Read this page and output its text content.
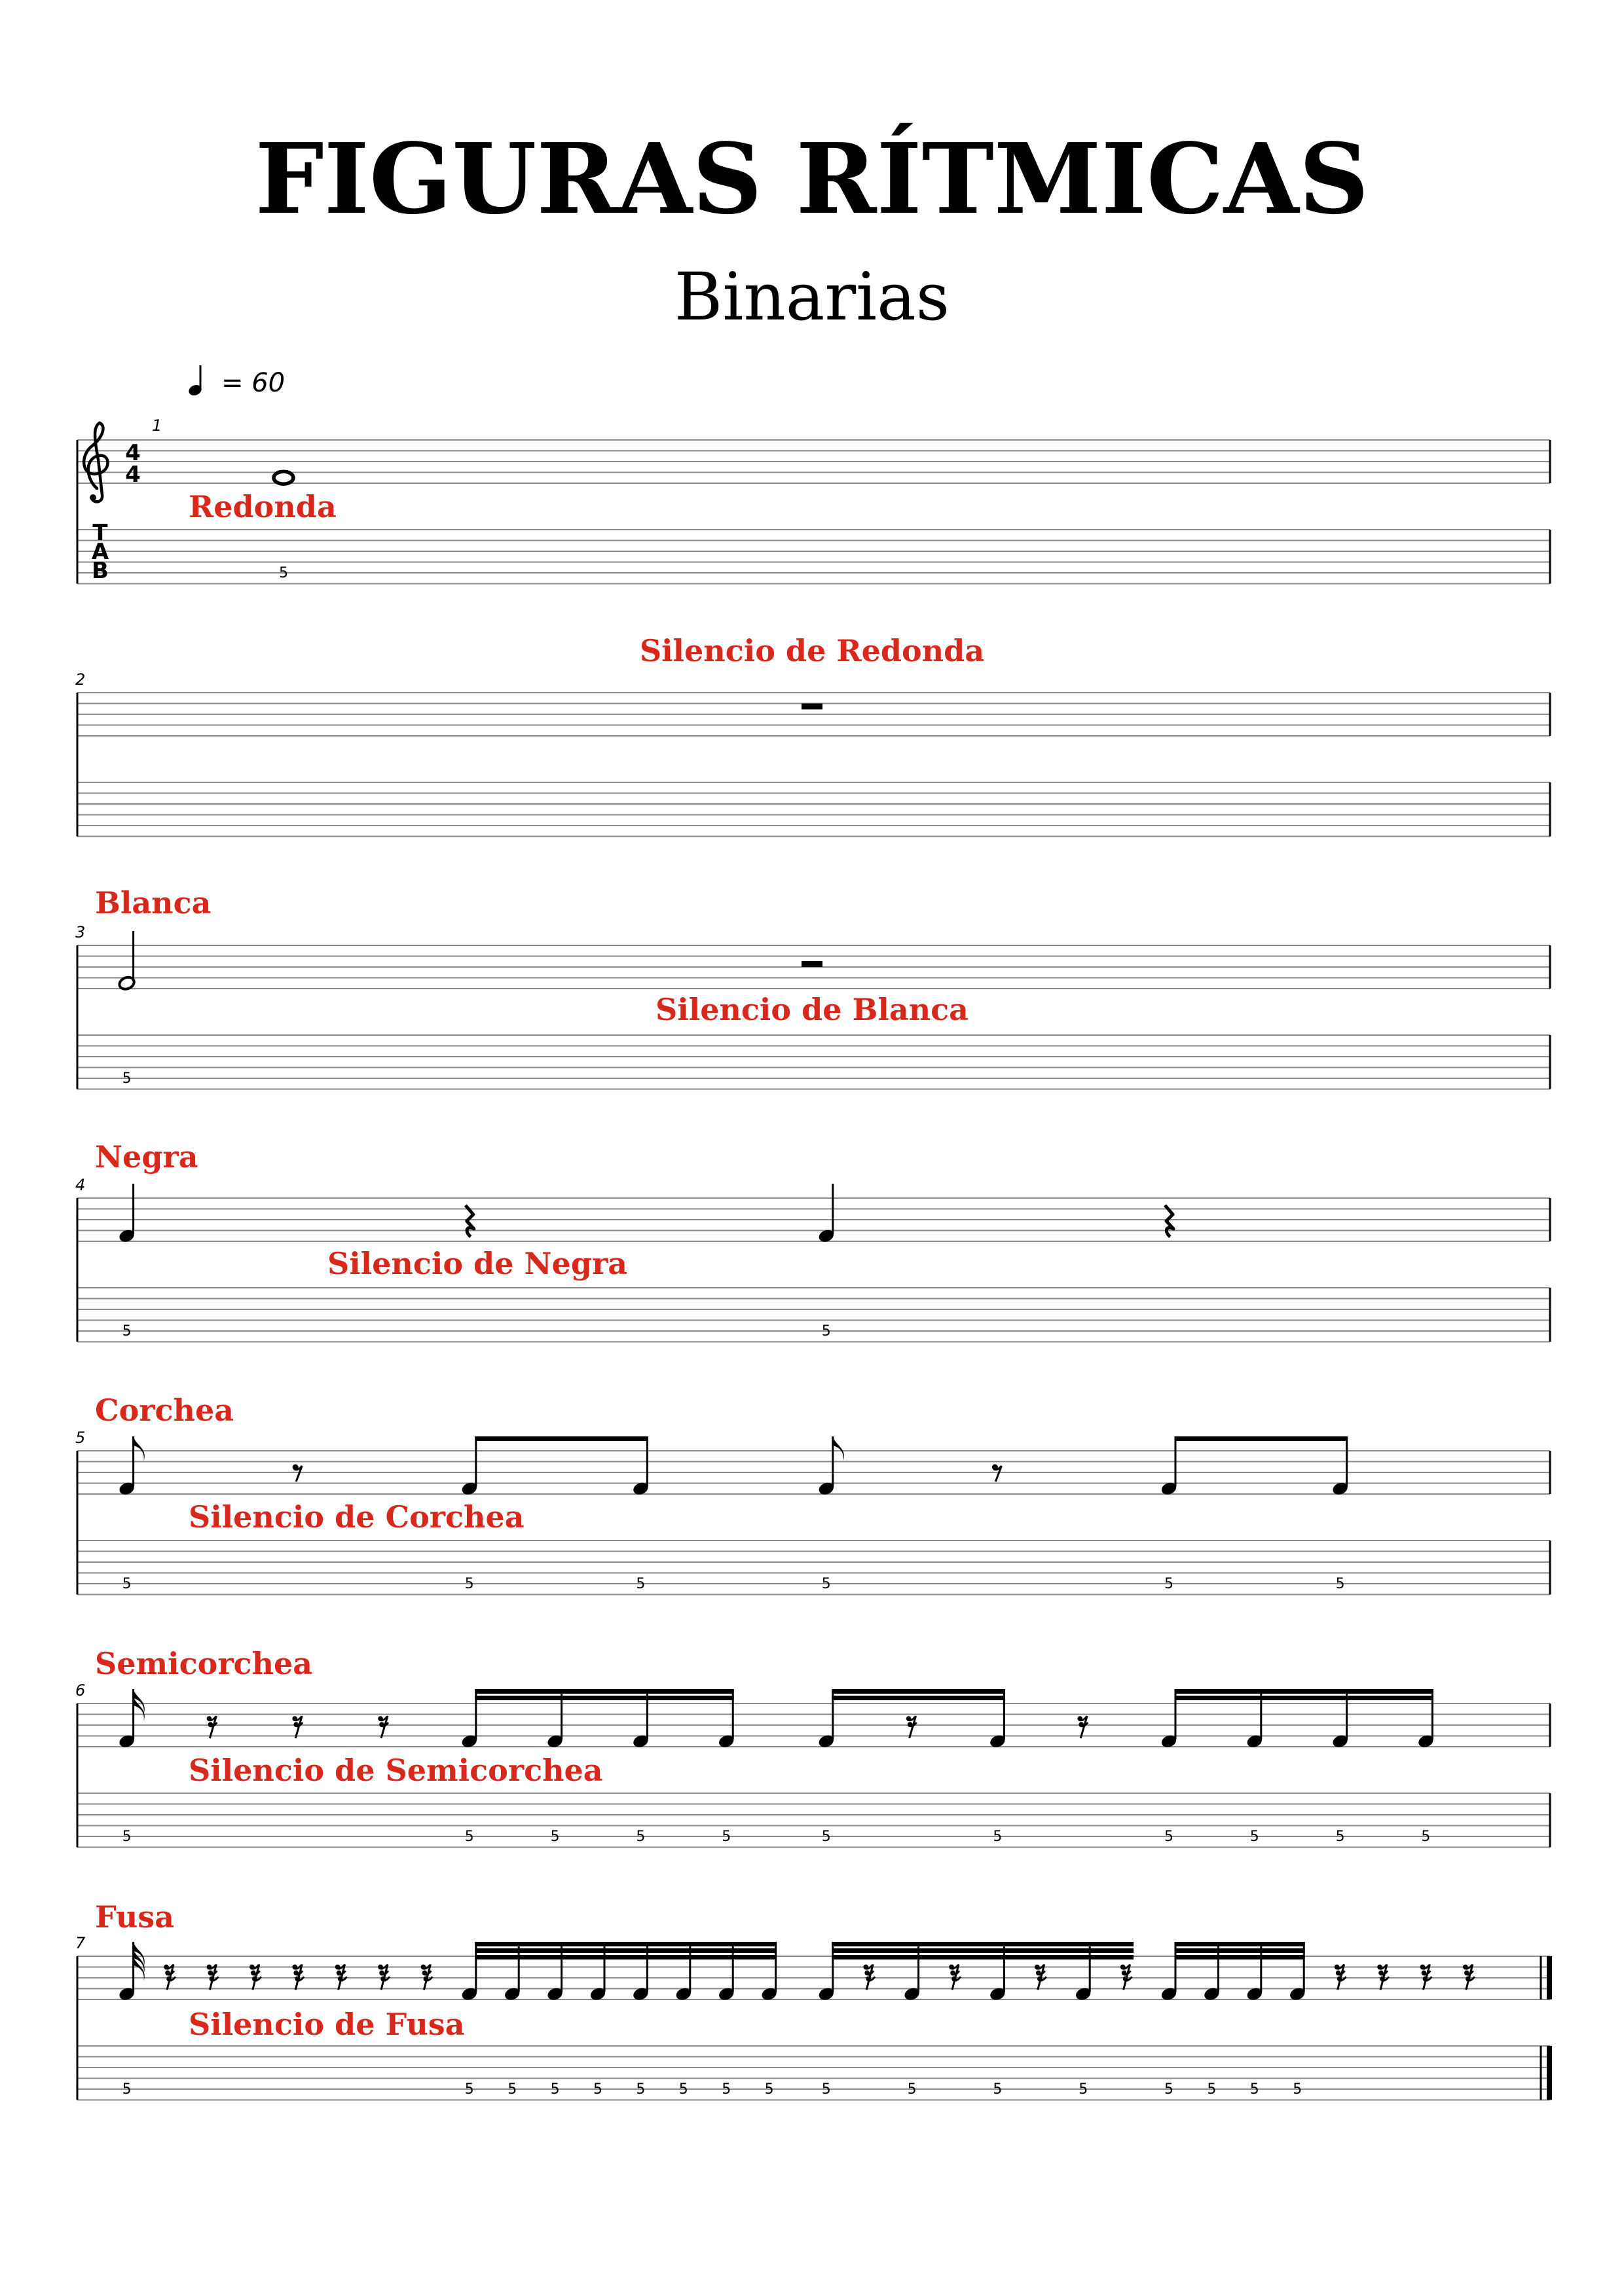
FIGURAS RÍTMICAS
Binarias
= 60
1
4
4
T
A
B
Redonda
5
2
Silencio de Redonda
3
Blanca
Silencio de Blanca
5
4
Negra
Silencio de Negra
5	5
5
Corchea
Silencio de Corchea
5	5	5	5	5	5
6
Semicorchea
Silencio de Semicorchea
5	5	5	5	5	5	5	5	5	5	5
7
Fusa
Silencio de Fusa
5	5 5 5 5 5 5 5 5	5	5	5	5	5 5 5 5
